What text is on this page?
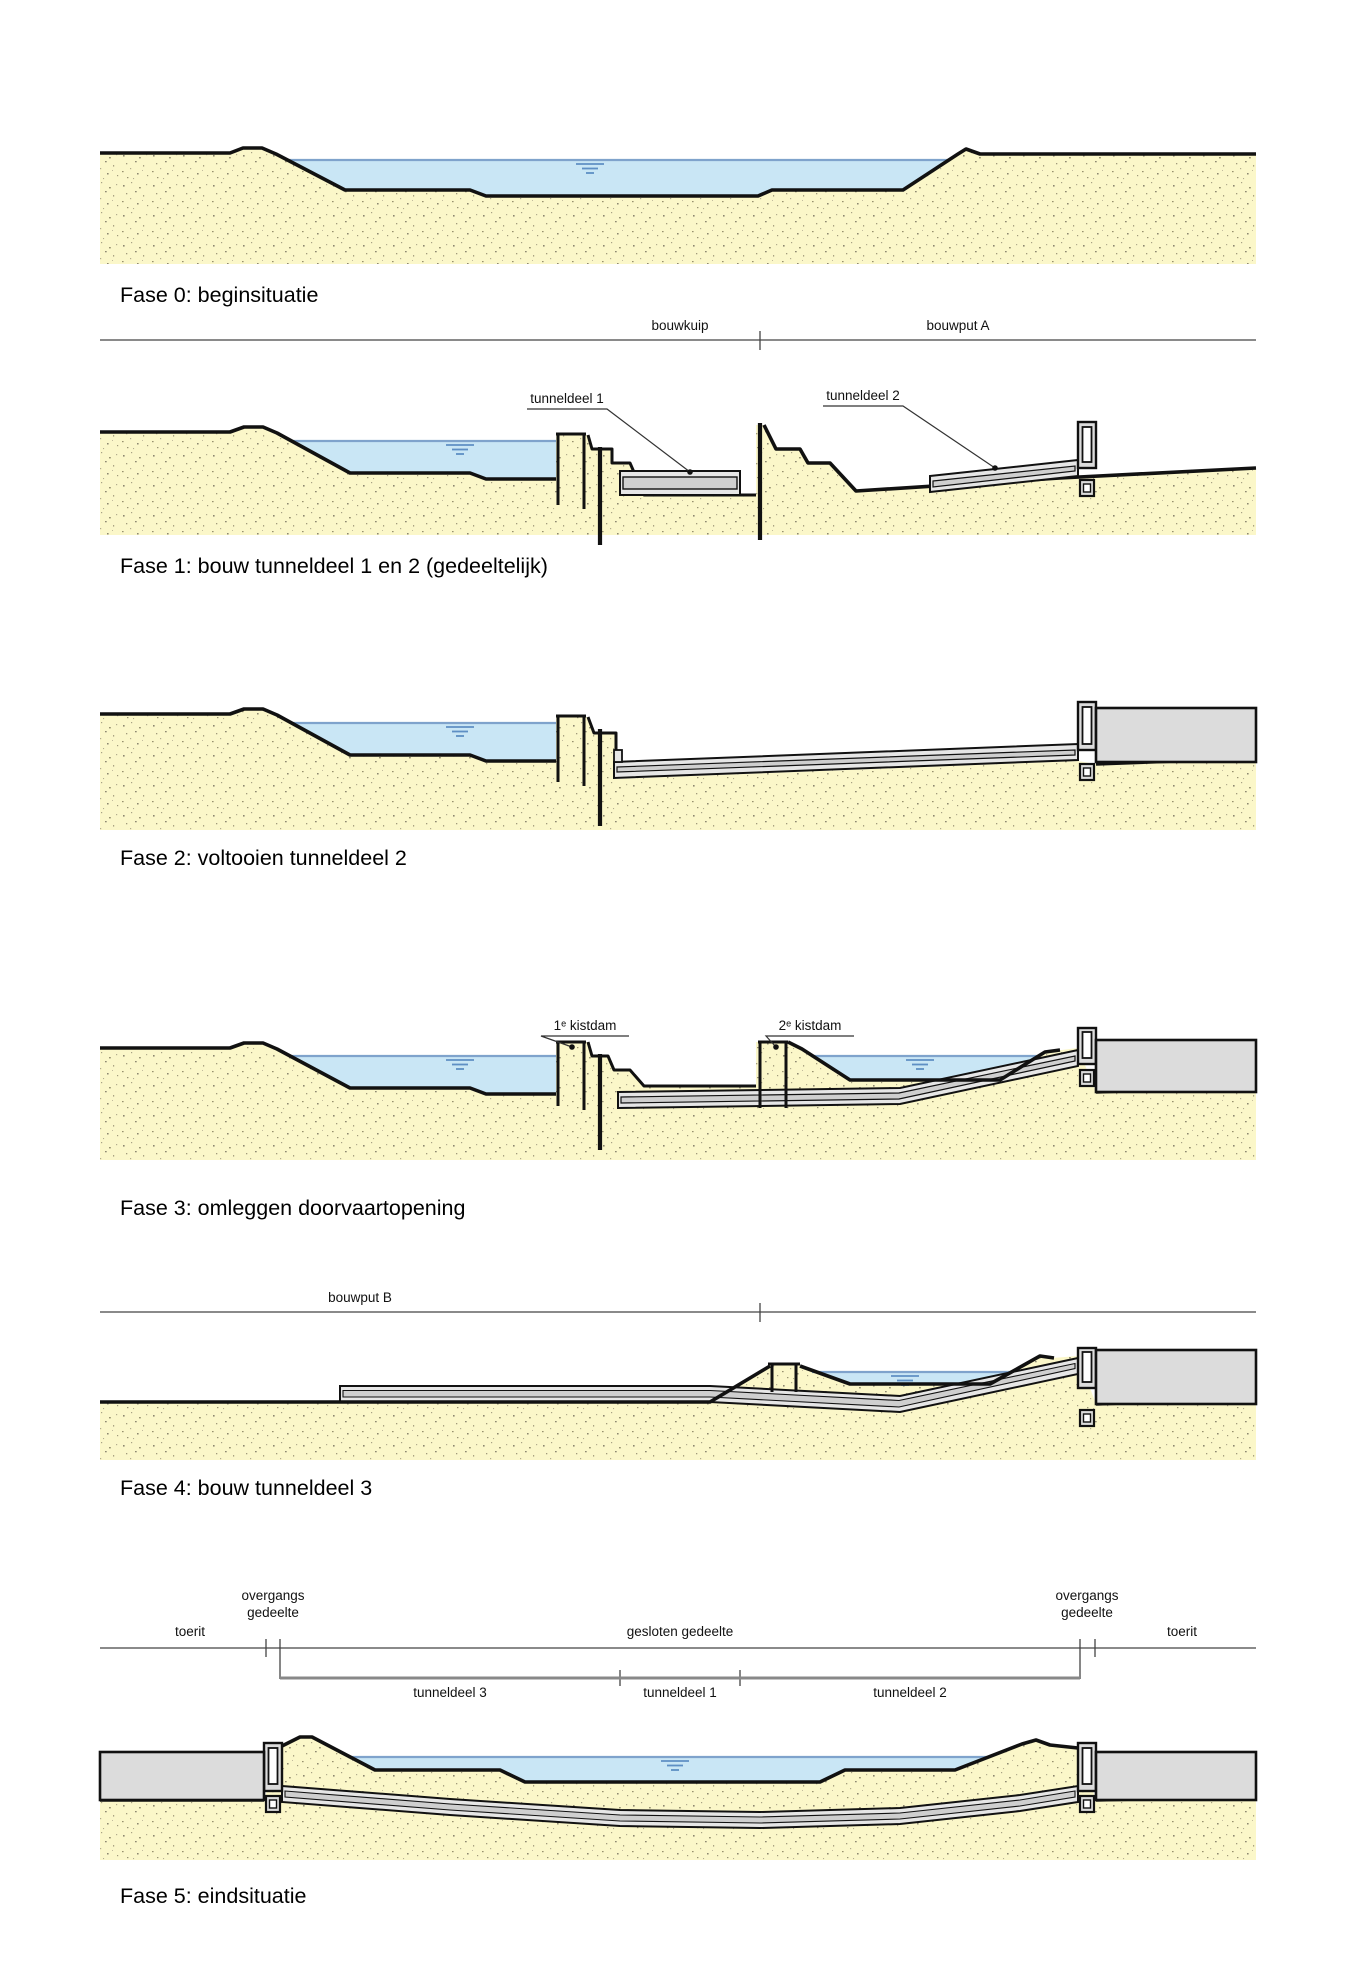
Fase 0: beginsituatie
Fase 1: bouw tunneldeel 1 en 2 (gedeeltelijk)
Fase 2: voltooien tunneldeel 2
Fase 3: omleggen doorvaartopening
Fase 4: bouw tunneldeel 3
Fase 5: eindsituatie
bouwkuip	bouwput A
tunneldeel 1	tunneldeel 2
1ᵉ kistdam	2ᵉ kistdam
bouwput B
toerit
overgangs gedeelte
gesloten gedeelte
overgangs gedeelte
toerit
tunneldeel 3	tunneldeel 1	tunneldeel 2
